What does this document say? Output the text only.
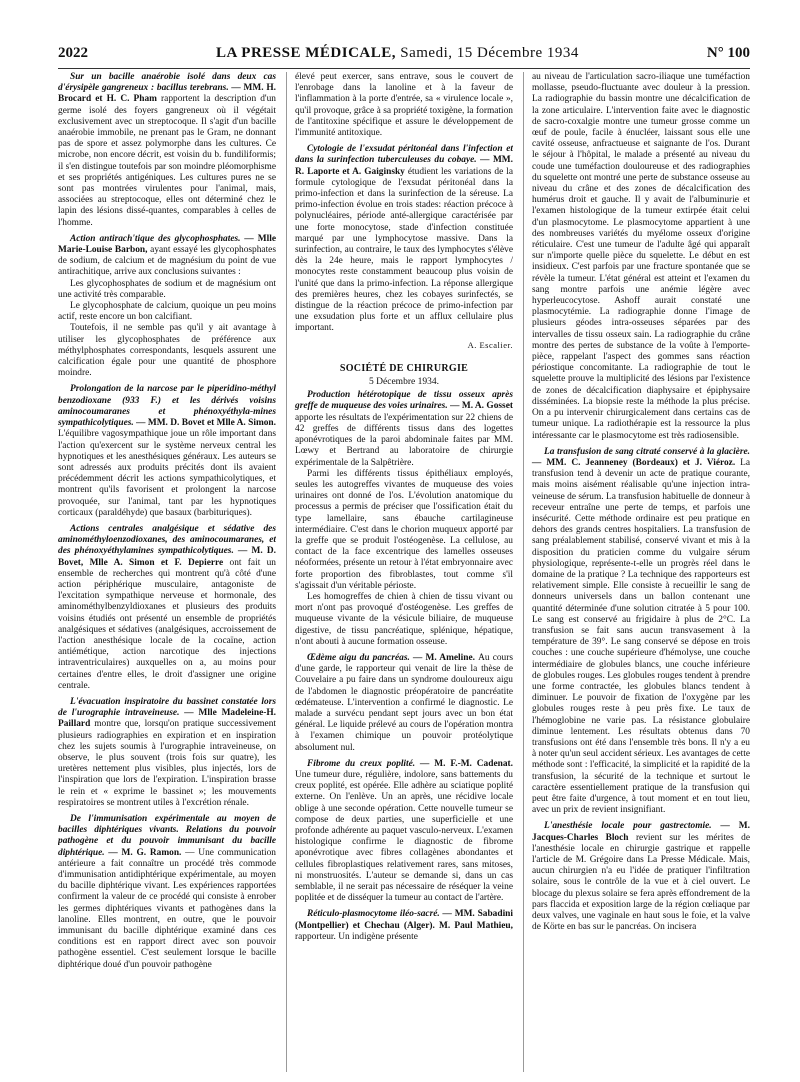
2022	LA PRESSE MÉDICALE, Samedi, 15 Décembre 1934	N° 100

Sur un bacille anaérobie isolé dans deux cas d'érysipèle gangreneux : bacillus terebrans. — MM. H. Brocard et H. C. Pham rapportent la description d'un germe isolé des foyers gangreneux où il végétait exclusivement avec un streptocoque. Il s'agit d'un bacille anaérobie immobile, ne prenant pas le Gram, ne donnant pas de spore et assez polymorphe dans les cultures. Ce microbe, non encore décrit, est voisin du b. fundiliformis; il s'en distingue toutefois par son moindre pléomorphisme et ses propriétés antigéniques. Les cultures pures ne se sont pas montrées virulentes pour l'animal, mais, associées au streptocoque, elles ont déterminé chez le lapin des lésions dissé-quantes, comparables à celles de l'homme.

Action antirach'tique des glycophosphates. — Mlle Marie-Louise Barbon, ayant essayé les glycophosphates de sodium, de calcium et de magnésium du point de vue antirachitique, arrive aux conclusions suivantes :

Les glycophosphates de sodium et de magnésium ont une activité très comparable.

Le glycophosphate de calcium, quoique un peu moins actif, reste encore un bon calcifiant.

Toutefois, il ne semble pas qu'il y ait avantage à utiliser les glycophosphates de préférence aux méthylphosphates correspondants, lesquels assurent une calcification égale pour une quantité de phosphore moindre.

Prolongation de la narcose par le piperidino-méthyl benzodioxane (933 F.) et les dérivés voisins aminocoumaranes et phénoxyéthyla-mines sympathicolytiques. — MM. D. Bovet et Mlle A. Simon. L'équilibre vagosympathique joue un rôle important dans l'action qu'exercent sur le système nerveux central les hypnotiques et les anesthésiques généraux. Les auteurs se sont adressés aux produits précités dont ils avaient précédemment décrit les actions sympathicolytiques, et montrent qu'ils favorisent et prolongent la narcose provoquée, sur l'animal, tant par les hypnotiques corticaux (paraldéhyde) que basaux (barbituriques).

Actions centrales analgésique et sédative des aminométhyloenzodioxanes, des aminocoumaranes, et des phénoxyéthylamines sympathicolytiques. — M. D. Bovet, Mlle A. Simon et F. Depierre ont fait un ensemble de recherches qui montrent qu'à côté d'une action périphérique musculaire, antagoniste de l'excitation sympathique nerveuse et hormonale, des aminométhylbenzyldioxanes et plusieurs des produits voisins étudiés ont présenté un ensemble de propriétés analgésiques et sédatives (analgésiques, accroissement de l'action anesthésique locale de la cocaïne, action antiémétique, action narcotique des injections intraventriculaires) auxquelles on a, au moins pour certaines d'entre elles, le droit d'assigner une origine centrale.

L'évacuation inspiratoire du bassinet constatée lors de l'urographie intraveineuse. — Mlle Madeleine-H. Paillard montre que, lorsqu'on pratique successivement plusieurs radiographies en expiration et en inspiration chez les sujets soumis à l'urographie intraveineuse, on observe, le plus souvent (trois fois sur quatre), les uretères nettement plus visibles, plus injectés, lors de l'inspiration que lors de l'expiration. L'inspiration brasse le rein et « exprime le bassinet »; les mouvements respiratoires se montrent utiles à l'excrétion rénale.

De l'immunisation expérimentale au moyen de bacilles diphtériques vivants. Relations du pouvoir pathogène et du pouvoir immunisant du bacille diphtérique. — M. G. Ramon. — Une communication antérieure a fait connaître un procédé très commode d'immunisation antidiphtérique expérimentale, au moyen du bacille diphtérique vivant. Les expériences rapportées confirment la valeur de ce procédé qui consiste à enrober les germes diphtériques vivants et pathogènes dans la lanoline. Elles montrent, en outre, que le pouvoir immunisant du bacille diphtérique examiné dans ces conditions est en rapport direct avec son pouvoir pathogène essentiel. C'est seulement lorsque le bacille diphtérique doué d'un pouvoir pathogène

élevé peut exercer, sans entrave, sous le couvert de l'enrobage dans la lanoline et à la faveur de l'inflammation à la porte d'entrée, sa « virulence locale », qu'il provoque, grâce à sa propriété toxigène, la formation de l'antitoxine spécifique et assure le développement de l'immunité antitoxique.

Cytologie de l'exsudat péritonéal dans l'infection et dans la surinfection tuberculeuses du cobaye. — MM. R. Laporte et A. Gaiginsky étudient les variations de la formule cytologique de l'exsudat péritonéal dans la primo-infection et dans la surinfection de la séreuse. La primo-infection évolue en trois stades: réaction précoce à polynucléaires, période anté-allergique caractérisée par une forte monocytose, stade d'infection constituée marqué par une lymphocytose massive. Dans la surinfection, au contraire, le taux des lymphocytes s'élève dès la 24e heure, mais le rapport lymphocytes / monocytes reste constamment beaucoup plus voisin de l'unité que dans la primo-infection. La réponse allergique des premières heures, chez les cobayes surinfectés, se distingue de la réaction précoce de primo-infection par une exsudation plus forte et un afflux cellulaire plus important.

A. Escalier.
SOCIÉTÉ DE CHIRURGIE
5 Décembre 1934.

Production hétérotopique de tissu osseux après greffe de muqueuse des voies urinaires. — M. A. Gosset apporte les résultats de l'expérimentation sur 22 chiens de 42 greffes de différents tissus dans des logettes aponévrotiques de la paroi abdominale faites par MM. Lœwy et Bertrand au laboratoire de chirurgie expérimentale de la Salpêtrière.

Parmi les différents tissus épithéliaux employés, seules les autogreffes vivantes de muqueuse des voies urinaires ont donné de l'os. L'évolution anatomique du processus a permis de préciser que l'ossification était du type lamellaire, sans ébauche cartilagineuse intermédiaire. C'est dans le chorion muqueux apporté par la greffe que se produit l'ostéogenèse. La cellulose, au contact de la face excentrique des lamelles osseuses néoformées, présente un retour à l'état embryonnaire avec forte proportion des fibroblastes, tout comme s'il s'agissait d'un véritable périoste.

Les homogreffes de chien à chien de tissu vivant ou mort n'ont pas provoqué d'ostéogenèse. Les greffes de muqueuse vivante de la vésicule biliaire, de muqueuse digestive, de tissu pancréatique, splénique, hépatique, n'ont abouti à aucune formation osseuse.

Œdème aigu du pancréas. — M. Ameline. Au cours d'une garde, le rapporteur qui venait de lire la thèse de Couvelaire a pu faire dans un syndrome douloureux aigu de l'abdomen le diagnostic préopératoire de pancréatite œdémateuse. L'intervention a confirmé le diagnostic. Le malade a survécu pendant sept jours avec un bon état général. Le liquide prélevé au cours de l'opération montra à l'examen chimique un pouvoir protéolytique absolument nul.

Fibrome du creux poplité. — M. F.-M. Cadenat. Une tumeur dure, régulière, indolore, sans battements du creux poplité, est opérée. Elle adhère au sciatique poplité externe. On l'enlève. Un an après, une récidive locale oblige à une seconde opération. Cette nouvelle tumeur se compose de deux parties, une superficielle et une profonde adhérente au paquet vasculo-nerveux. L'examen histologique confirme le diagnostic de fibrome aponévrotique avec fibres collagènes abondantes et cellules fibroplastiques relativement rares, sans mitoses, ni monstruosités. L'auteur se demande si, dans un cas semblable, il ne serait pas nécessaire de réséquer la veine poplitée et de disséquer la tumeur au contact de l'artère.

Réticulo-plasmocytome iléo-sacré. — MM. Sabadini (Montpellier) et Chechau (Alger). M. Paul Mathieu, rapporteur. Un indigène présente

au niveau de l'articulation sacro-iliaque une tuméfaction mollasse, pseudo-fluctuante avec douleur à la pression. La radiographie du bassin montre une décalcification de la zone articulaire. L'intervention faite avec le diagnostic de sacro-coxalgie montre une tumeur grosse comme un œuf de poule, facile à énucléer, laissant sous elle une cavité osseuse, anfractueuse et saignante de l'os. Durant le séjour à l'hôpital, le malade a présenté au niveau du coude une tuméfaction douloureuse et des radiographies du squelette ont montré une perte de substance osseuse au niveau du crâne et des zones de décalcification des humérus droit et gauche. Il y avait de l'albuminurie et l'examen histologique de la tumeur extirpée était celui d'un plasmocytome. Le plasmocytome appartient à une des nombreuses variétés du myélome osseux d'origine réticulaire. C'est une tumeur de l'adulte âgé qui apparaît sur n'importe quelle pièce du squelette. Le début en est insidieux. C'est parfois par une fracture spontanée que se révèle la tumeur. L'état général est atteint et l'examen du sang montre parfois une anémie légère avec hyperleucocytose. Ashoff aurait constaté une plasmocytémie. La radiographie donne l'image de plusieurs géodes intra-osseuses séparées par des intervalles de tissu osseux sain. La radiographie du crâne montre des pertes de substance de la voûte à l'emporte-pièce, rappelant l'aspect des gommes sans réaction périostique concomitante. La radiographie de tout le squelette prouve la multiplicité des lésions par l'existence de zones de décalcification diaphysaire et épiphysaire disséminées. La biopsie reste la méthode la plus précise. On a pu intervenir chirurgicalement dans certains cas de tumeur unique. La radiothérapie est la ressource la plus intéressante car le plasmocytome est très radiosensible.

La transfusion de sang citraté conservé à la glacière. — MM. C. Jeanneney (Bordeaux) et J. Viéroz. La transfusion tend à devenir un acte de pratique courante, mais moins aisément réalisable qu'une injection intra-veineuse de sérum. La transfusion habituelle de donneur à receveur entraîne une perte de temps, et parfois une insécurité. Cette méthode ordinaire est peu pratique en dehors des grands centres hospitaliers. La transfusion de sang préalablement stabilisé, conservé vivant et mis à la disposition du praticien comme du vulgaire sérum physiologique, représente-t-elle un progrès réel dans le domaine de la pratique ? La technique des rapporteurs est relativement simple. Elle consiste à recueillir le sang de donneurs universels dans un ballon contenant une quantité déterminée d'une solution citratée à 5 pour 100. Le sang est conservé au frigidaire à plus de 2°C. La transfusion se fait sans aucun transvasement à la température de 39°. Le sang conservé se dépose en trois couches : une couche supérieure d'hémolyse, une couche intermédiaire de globules blancs, une couche inférieure de globules rouges. Les globules rouges tendent à prendre une forme contractée, les globules blancs tendent à diminuer. Le pouvoir de fixation de l'oxygène par les globules rouges reste à peu près fixe. Le taux de l'hémoglobine ne varie pas. La résistance globulaire diminue lentement. Les résultats obtenus dans 70 transfusions ont été dans l'ensemble très bons. Il n'y a eu à noter qu'un seul accident sérieux. Les avantages de cette méthode sont : l'efficacité, la simplicité et la rapidité de la transfusion, la sécurité de la technique et surtout le caractère essentiellement pratique de la transfusion qui peut être faite d'urgence, à tout moment et en tout lieu, avec un prix de revient insignifiant.

L'anesthésie locale pour gastrectomie. — M. Jacques-Charles Bloch revient sur les mérites de l'anesthésie locale en chirurgie gastrique et rappelle l'article de M. Grégoire dans La Presse Médicale. Mais, aucun chirurgien n'a eu l'idée de pratiquer l'infiltration solaire, sous le contrôle de la vue et à ciel ouvert. Le blocage du plexus solaire se fera après effondrement de la pars flaccida et exposition large de la région cœliaque par deux valves, une vaginale en haut sous le foie, et la valve de Körte en bas sur le pancréas. On incisera
